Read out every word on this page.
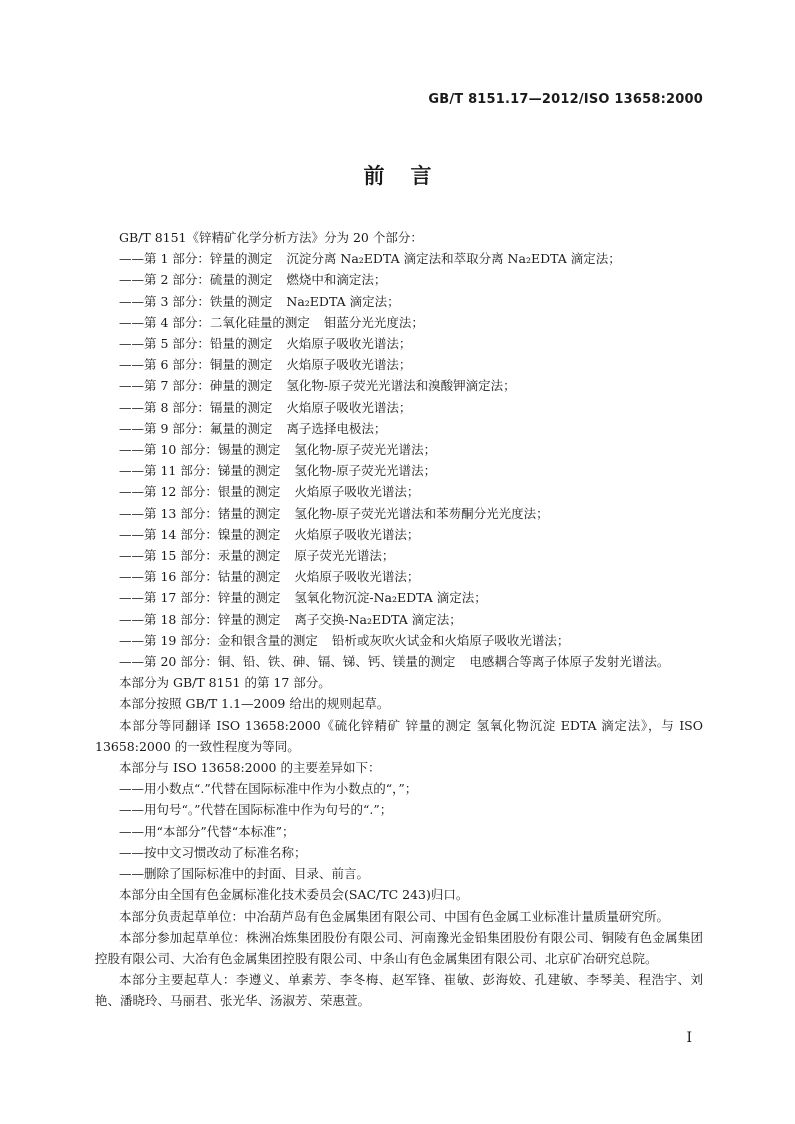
GB/T 8151.17—2012/ISO 13658:2000
前 言
GB/T 8151《锌精矿化学分析方法》分为 20 个部分：
——第 1 部分：锌量的测定 沉淀分离 Na₂EDTA 滴定法和萃取分离 Na₂EDTA 滴定法；
——第 2 部分：硫量的测定 燃烧中和滴定法；
——第 3 部分：铁量的测定 Na₂EDTA 滴定法；
——第 4 部分：二氧化硅量的测定 钼蓝分光光度法；
——第 5 部分：铅量的测定 火焰原子吸收光谱法；
——第 6 部分：铜量的测定 火焰原子吸收光谱法；
——第 7 部分：砷量的测定 氢化物-原子荧光光谱法和溴酸钾滴定法；
——第 8 部分：镉量的测定 火焰原子吸收光谱法；
——第 9 部分：氟量的测定 离子选择电极法；
——第 10 部分：锡量的测定 氢化物-原子荧光光谱法；
——第 11 部分：锑量的测定 氢化物-原子荧光光谱法；
——第 12 部分：银量的测定 火焰原子吸收光谱法；
——第 13 部分：锗量的测定 氢化物-原子荧光光谱法和苯芴酮分光光度法；
——第 14 部分：镍量的测定 火焰原子吸收光谱法；
——第 15 部分：汞量的测定 原子荧光光谱法；
——第 16 部分：钴量的测定 火焰原子吸收光谱法；
——第 17 部分：锌量的测定 氢氧化物沉淀-Na₂EDTA 滴定法；
——第 18 部分：锌量的测定 离子交换-Na₂EDTA 滴定法；
——第 19 部分：金和银含量的测定 铅析或灰吹火试金和火焰原子吸收光谱法；
——第 20 部分：铜、铅、铁、砷、镉、锑、钙、镁量的测定 电感耦合等离子体原子发射光谱法。
本部分为 GB/T 8151 的第 17 部分。
本部分按照 GB/T 1.1—2009 给出的规则起草。
本部分等同翻译 ISO 13658:2000《硫化锌精矿 锌量的测定 氢氧化物沉淀 EDTA 滴定法》，与 ISO 13658:2000 的一致性程度为等同。
本部分与 ISO 13658:2000 的主要差异如下：
——用小数点“.”代替在国际标准中作为小数点的“，”；
——用句号“。”代替在国际标准中作为句号的“.”；
——用“本部分”代替“本标准”；
——按中文习惯改动了标准名称；
——删除了国际标准中的封面、目录、前言。
本部分由全国有色金属标准化技术委员会(SAC/TC 243)归口。
本部分负责起草单位：中冶葫芦岛有色金属集团有限公司、中国有色金属工业标准计量质量研究所。
本部分参加起草单位：株洲冶炼集团股份有限公司、河南豫光金铅集团股份有限公司、铜陵有色金属集团控股有限公司、大冶有色金属集团控股有限公司、中条山有色金属集团有限公司、北京矿冶研究总院。
本部分主要起草人：李遵义、单素芳、李冬梅、赵军锋、崔敏、彭海姣、孔建敏、李琴美、程浩宇、刘艳、潘晓玲、马丽君、张光华、汤淑芳、荣惠萱。
I
